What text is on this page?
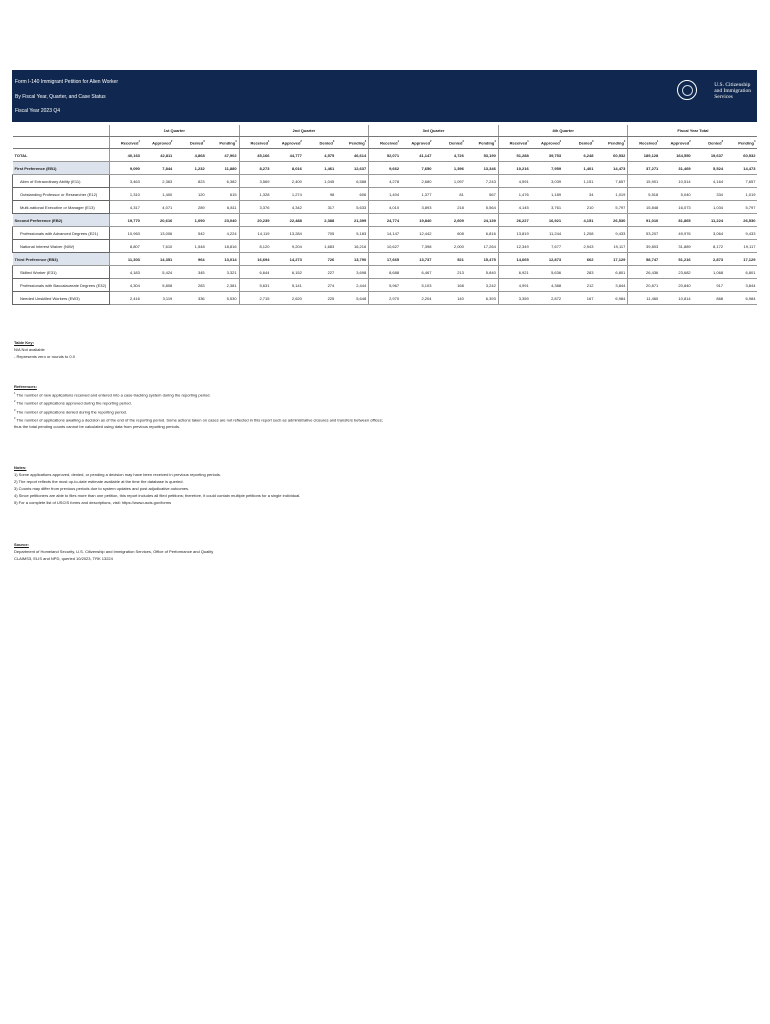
Form I-140 Immigrant Petition for Alien Worker
By Fiscal Year, Quarter, and Case Status
Fiscal Year 2023 Q4
U.S. Citizenship
and Immigration
Services
	1st Quarter				2nd Quarter				3rd Quarter				4th Quarter				Fiscal Year Total			
	Received$^1$	Approved$^2$	Denied$^3$	Pending$^4$	Received$^1$	Approved$^2$	Denied$^3$	Pending$^4$	Received$^1$	Approved$^2$	Denied$^3$	Pending$^4$	Received$^1$	Approved$^2$	Denied$^3$	Pending$^4$	Received$^1$	Approved$^2$	Denied$^3$	Pending$^4$
TOTAL	40,163	42,811	4,868	47,902	45,166	44,777	4,575	46,614	52,071	41,147	4,726	53,190	51,288	39,753	6,248	60,532	189,128	164,550	19,637	60,532
First Preference (EB1)	9,090	7,844	1,232	11,880	8,273	8,016	1,461	12,637	9,662	7,650	1,396	13,346	10,216	7,959	1,401	14,473	37,271	31,469	5,524	14,473
Alien of Extraordinary Ability (E11)	3,463	2,363	823	6,382	3,569	2,400	1,045	6,588	4,278	2,680	1,097	7,243	4,591	3,039	1,151	7,657	15,901	10,514	4,164	7,657
Outstanding Professor or Researcher (E12)	1,310	1,400	120	615	1,328	1,274	98	606	1,404	1,377	81	567	1,476	1,189	34	1,019	5,518	5,040	334	1,019
Multi-national Executive or Manager (E13)	4,317	4,071	289	6,811	3,376	4,342	317	5,633	4,010	3,893	218	5,564	4,145	3,761	210	5,797	15,848	16,073	1,034	5,797
Second Preference (EB2)	19,770	20,616	1,090	23,040	20,239	22,488	2,388	21,399	24,774	19,840	2,609	24,139	26,227	16,921	4,151	26,530	91,010	81,865	11,224	26,530
Professionals with Advanced Degrees (E21)	10,963	13,006	542	4,224	14,119	13,284	705	5,183	14,147	12,442	608	6,816	13,819	11,244	1,208	9,433	53,207	49,976	3,064	9,433
National Interest Waiver (NIW)	8,807	7,610	1,548	18,816	8,120	9,204	1,683	16,216	10,627	7,398	2,000	17,264	12,349	7,677	2,943	19,117	39,803	31,889	8,172	19,117
Third Preference (EB3)	11,303	14,351	964	13,014	16,694	14,273	726	13,790	17,665	13,737	521	15,475	14,665	12,873	662	17,129	58,747	51,216	2,873	17,129
Skilled Worker (E31)	4,183	5,424	345	3,321	6,644	6,152	227	3,698	8,688	6,467	213	5,840	6,921	5,636	283	6,801	26,436	23,682	1,068	6,801
Professionals with Baccalaureate Degrees (E32)	4,304	5,808	283	2,381	5,631	5,141	274	2,444	5,967	5,103	168	3,242	4,991	4,388	212	3,844	20,871	20,840	917	3,844
Needed Unskilled Workers (EW3)	2,416	3,119	336	5,530	2,715	2,620	225	5,648	2,970	2,204	140	6,393	3,359	2,872	167	6,984	11,460	10,814	868	6,984
Table Key:
N/A Not available
- Represents zero or rounds to 0.0
References:
$^1$ The number of new applications received and entered into a case-tracking system during the reporting period.
$^2$ The number of applications approved during the reporting period.
$^3$ The number of applications denied during the reporting period.
$^4$ The number of applications awaiting a decision as of the end of the reporting period. Some actions taken on cases are not reflected in this report such as administrative closures and transfers between offices;
thus the total pending counts cannot be calculated using data from previous reporting periods.
Notes:
1) Some applications approved, denied, or pending a decision may have been received in previous reporting periods.
2) The report reflects the most up-to-date estimate available at the time the database is queried.
3) Counts may differ from previous periods due to system updates and post adjudicative outcomes.
4) Since petitioners are able to files more than one petition, this report includes all filed petitions; therefore, it could contain multiple petitions for a single individual.
5) For a complete list of USCIS forms and descriptions, visit: https://www.uscis.gov/forms
Source:
Department of Homeland Security, U.S. Citizenship and Immigration Services, Office of Performance and Quality
CLAIMS3, ELIS and NPD, queried 10/2023, TRK 13224
